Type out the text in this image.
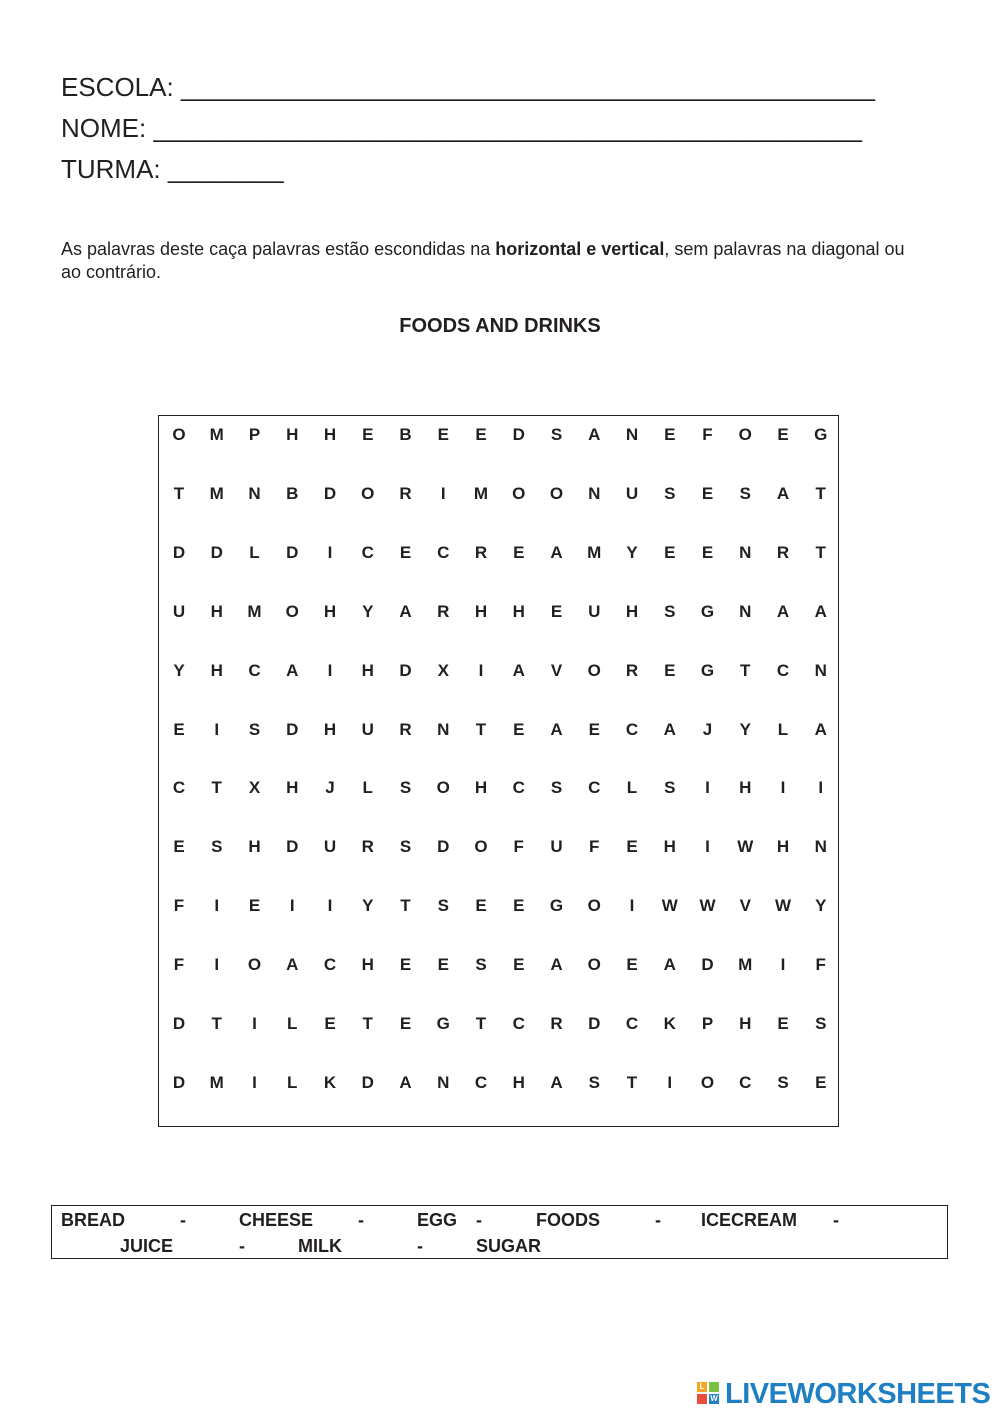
ESCOLA: ________________________________________________
NOME: _________________________________________________
TURMA: ________
As palavras deste caça palavras estão escondidas na horizontal e vertical, sem palavras na diagonal ou ao contrário.
FOODS AND DRINKS
O	M	P	H	H	E	B	E	E	D	S	A	N	E	F	O	E	G
T	M	N	B	D	O	R	I	M	O	O	N	U	S	E	S	A	T
D	D	L	D	I	C	E	C	R	E	A	M	Y	E	E	N	R	T
U	H	M	O	H	Y	A	R	H	H	E	U	H	S	G	N	A	A
Y	H	C	A	I	H	D	X	I	A	V	O	R	E	G	T	C	N
E	I	S	D	H	U	R	N	T	E	A	E	C	A	J	Y	L	A
C	T	X	H	J	L	S	O	H	C	S	C	L	S	I	H	I	I
E	S	H	D	U	R	S	D	O	F	U	F	E	H	I	W	H	N
F	I	E	I	I	Y	T	S	E	E	G	O	I	W	W	V	W	Y
F	I	O	A	C	H	E	E	S	E	A	O	E	A	D	M	I	F
D	T	I	L	E	T	E	G	T	C	R	D	C	K	P	H	E	S
D	M	I	L	K	D	A	N	C	H	A	S	T	I	O	C	S	E
BREAD	-	CHEESE -	EGG -	FOODS	- ICECREAM -
JUICE	-	MILK	-	SUGAR
L
W LIVEWORKSHEETS
